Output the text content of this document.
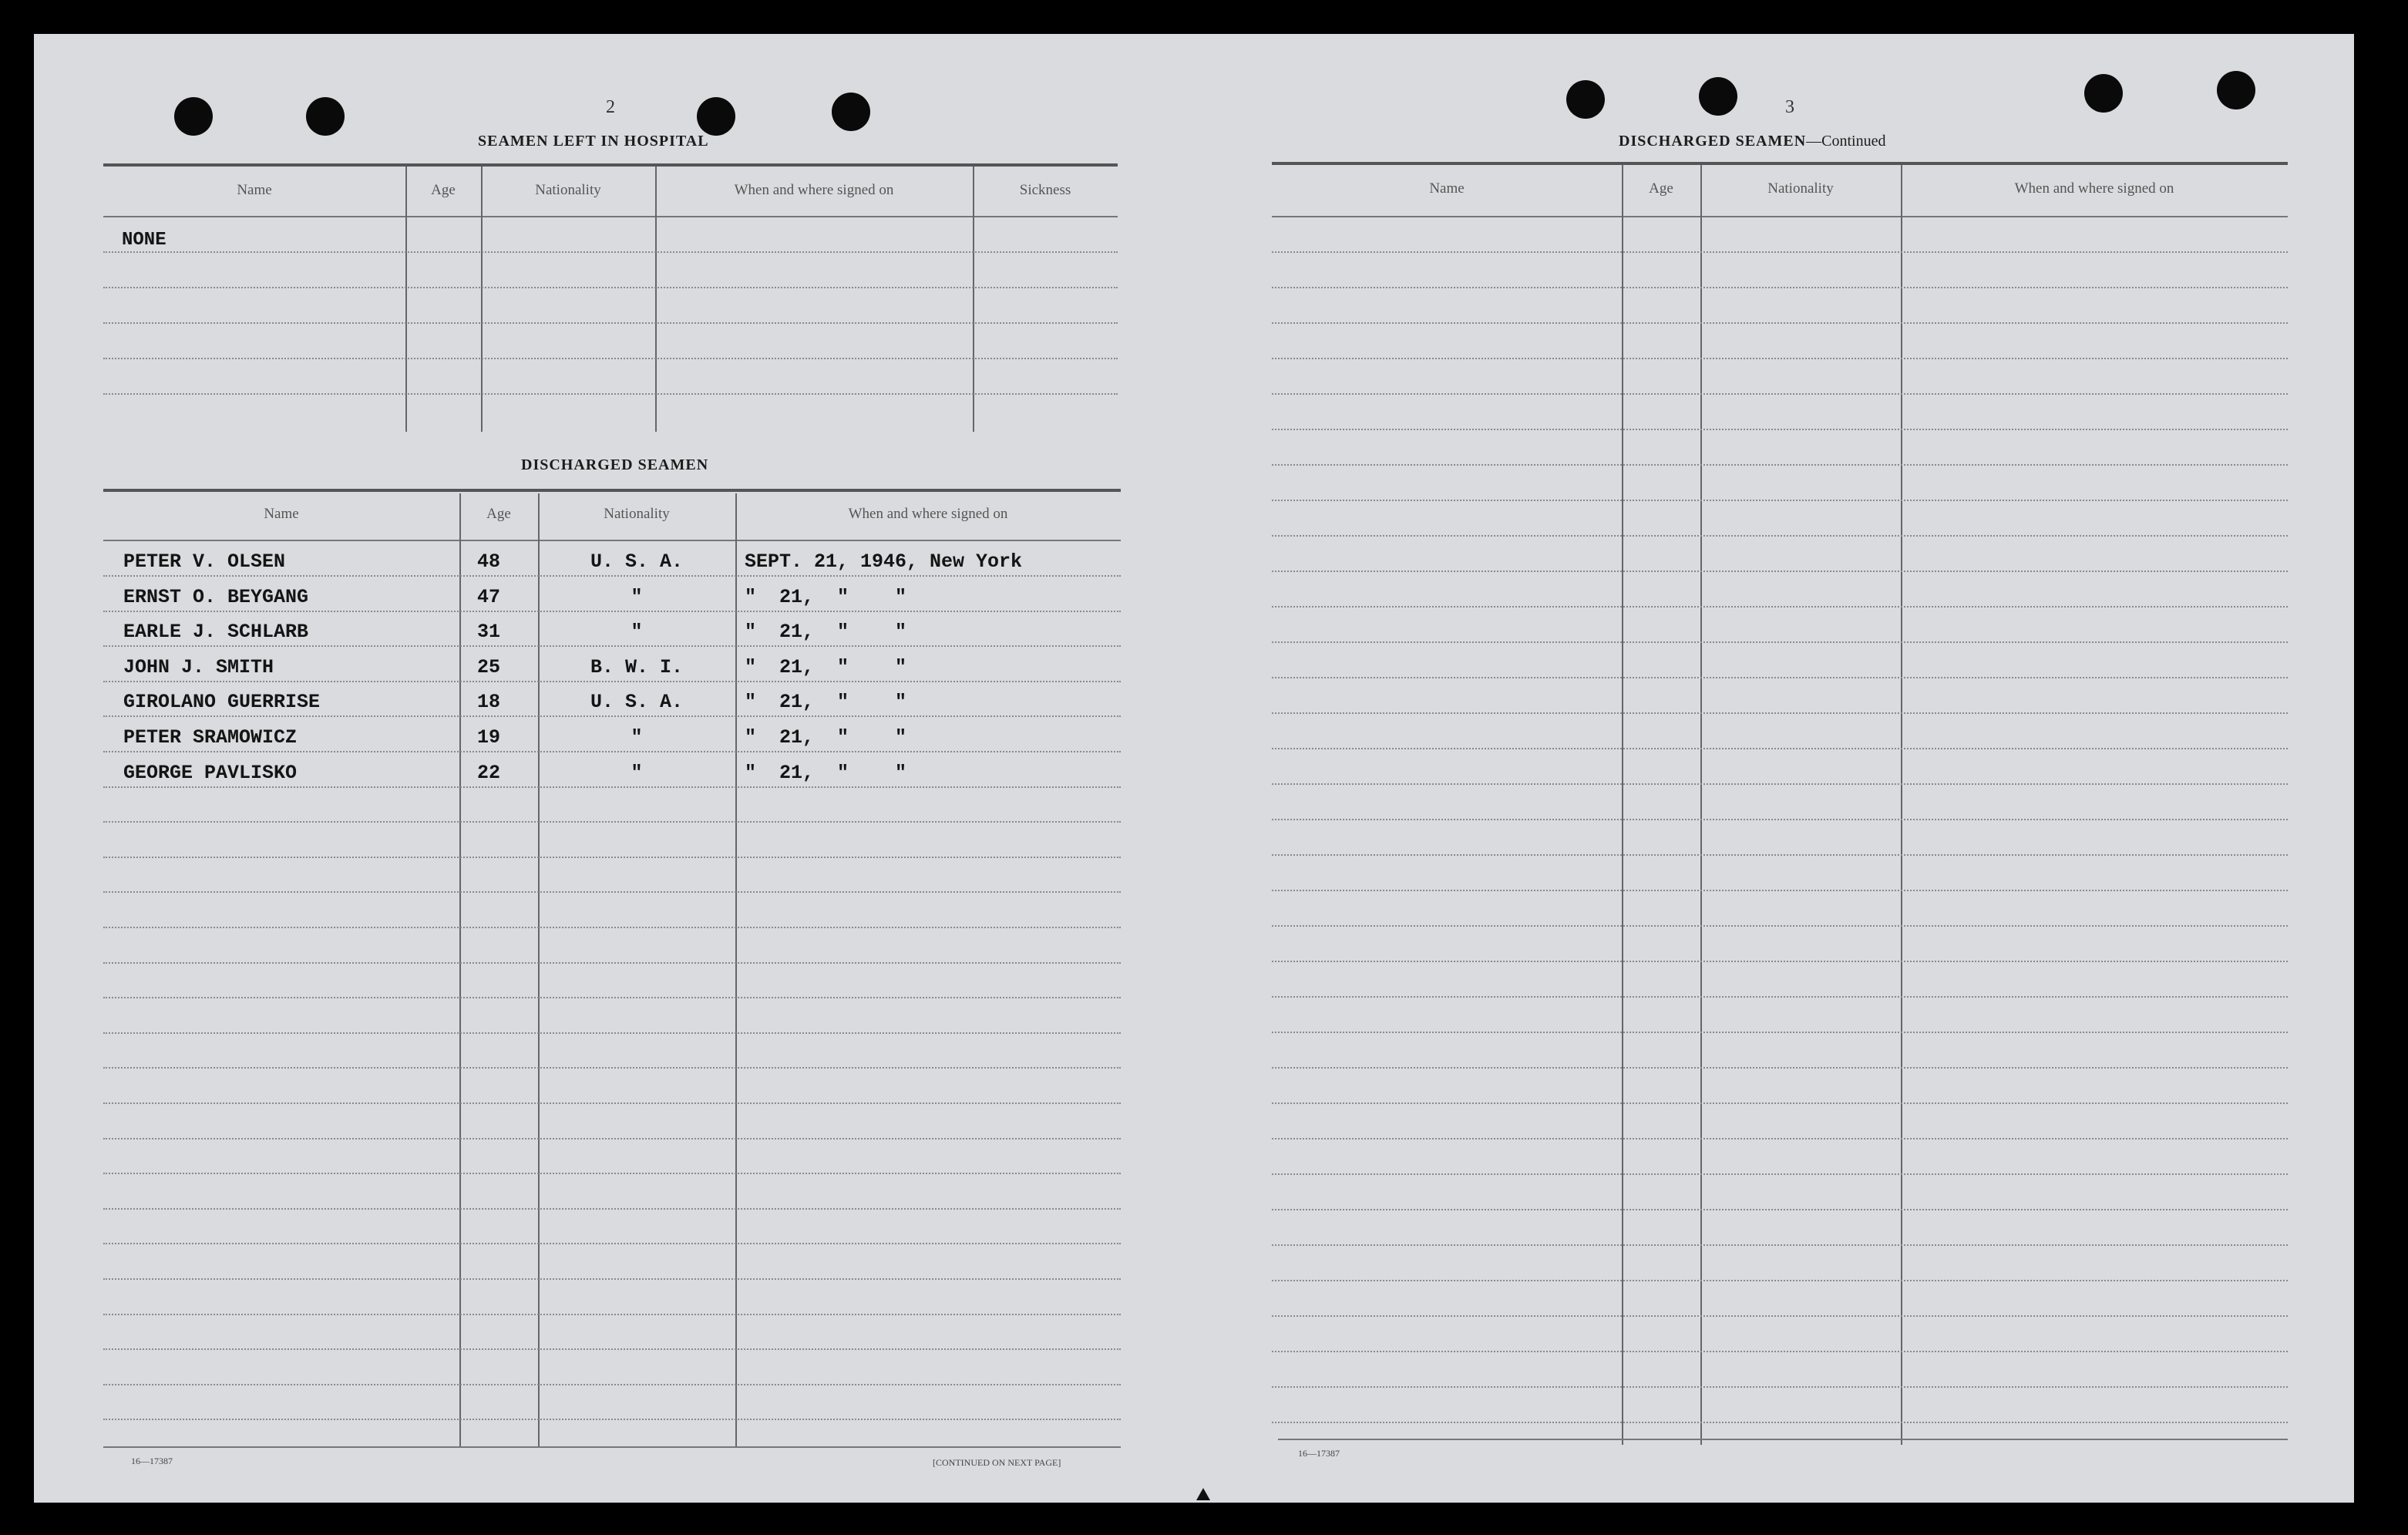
2
SEAMEN LEFT IN HOSPITAL
Name	Age	Nationality	When and where signed on	Sickness
NONE
DISCHARGED SEAMEN
Name	Age	Nationality	When and where signed on
PETER V. OLSEN	48	U. S. A.	SEPT. 21, 1946, New York
ERNST O. BEYGANG	47	"	"  21,  "    "
EARLE J. SCHLARB	31	"	"  21,  "    "
JOHN J. SMITH	25	B. W. I.	"  21,  "    "
GIROLANO GUERRISE	18	U. S. A.	"  21,  "    "
PETER SRAMOWICZ	19	"	"  21,  "    "
GEORGE PAVLISKO	22	"	"  21,  "    "
16—17387	[CONTINUED ON NEXT PAGE]
3
DISCHARGED SEAMEN—Continued
Name	Age	Nationality	When and where signed on
16—17387
